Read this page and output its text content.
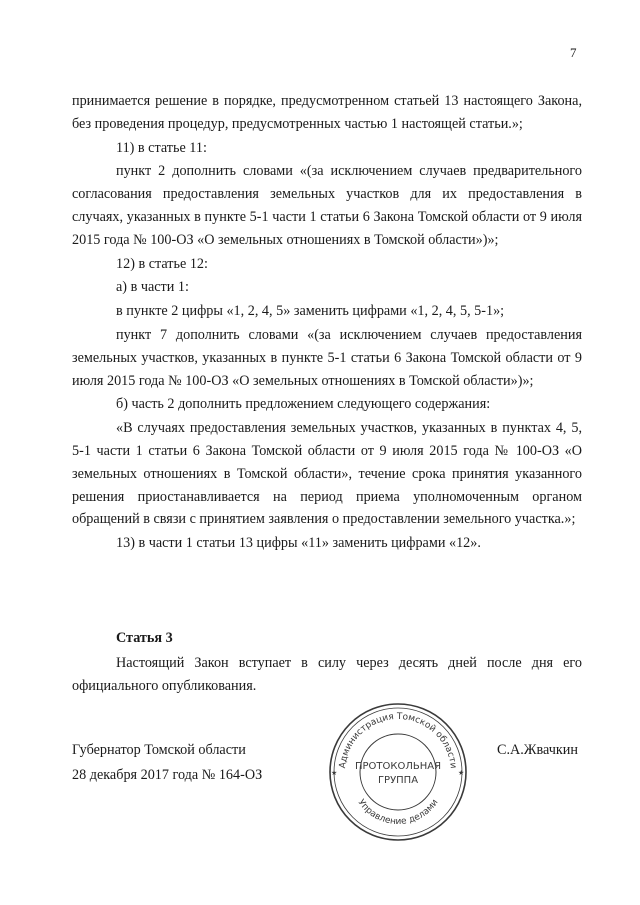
7

принимается решение в порядке, предусмотренном статьей 13 настоящего Закона, без проведения процедур, предусмотренных частью 1 настоящей статьи.»;

11) в статье 11:

пункт 2 дополнить словами «(за исключением случаев предварительного согласования предоставления земельных участков для их предоставления в случаях, указанных в пункте 5-1 части 1 статьи 6 Закона Томской области от 9 июля 2015 года № 100-ОЗ «О земельных отношениях в Томской области»)»;

12) в статье 12:

а) в части 1:

в пункте 2 цифры «1, 2, 4, 5» заменить цифрами «1, 2, 4, 5, 5-1»;

пункт 7 дополнить словами «(за исключением случаев предоставления земельных участков, указанных в пункте 5-1 статьи 6 Закона Томской области от 9 июля 2015 года № 100-ОЗ «О земельных отношениях в Томской области»)»;

б) часть 2 дополнить предложением следующего содержания:

«В случаях предоставления земельных участков, указанных в пунктах 4, 5, 5-1 части 1 статьи 6 Закона Томской области от 9 июля 2015 года № 100-ОЗ «О земельных отношениях в Томской области», течение срока принятия указанного решения приостанавливается на период приема уполномоченным органом обращений в связи с принятием заявления о предоставлении земельного участка.»;

13) в части 1 статьи 13 цифры «11» заменить цифрами «12».

Статья 3
Настоящий Закон вступает в силу через десять дней после дня его официального опубликования.
Губернатор Томской области
28 декабря 2017 года № 164-ОЗ
С.А.Жвачкин
Администрация Томской области
Управление делами
★	★
ПРОТОКОЛЬНАЯ
ГРУППА
